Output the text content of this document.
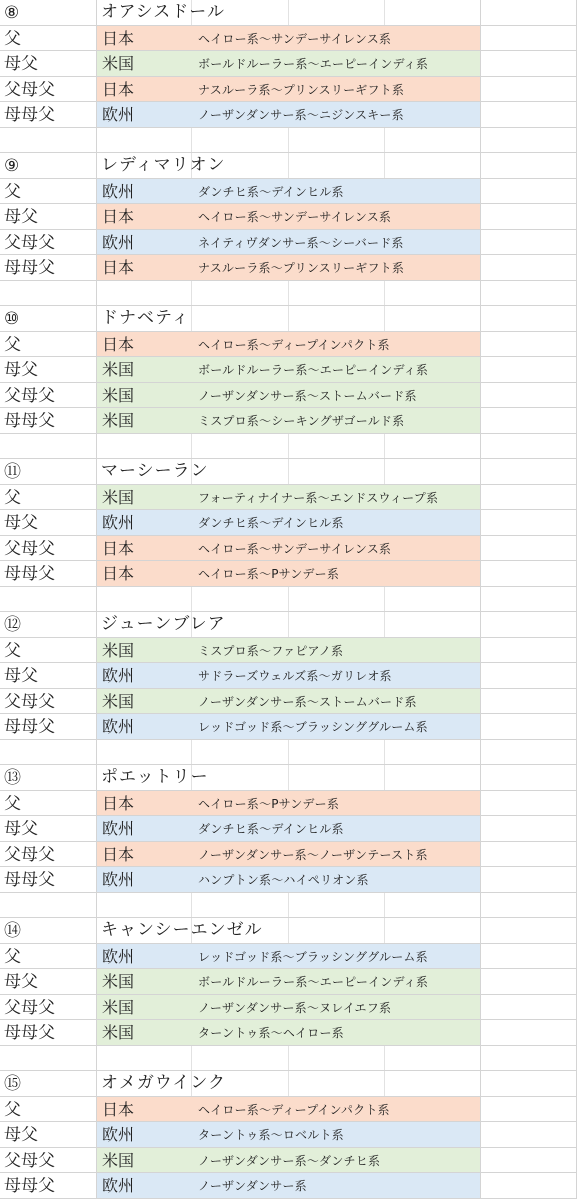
⑧	オアシスドール
父	日本	ヘイロー系〜サンデーサイレンス系
母父	米国	ボールドルーラー系〜エーピーインディ系
父母父	日本	ナスルーラ系〜プリンスリーギフト系
母母父	欧州	ノーザンダンサー系〜ニジンスキー系
⑨	レディマリオン
父	欧州	ダンチヒ系〜デインヒル系
母父	日本	ヘイロー系〜サンデーサイレンス系
父母父	欧州	ネイティヴダンサー系〜シーバード系
母母父	日本	ナスルーラ系〜プリンスリーギフト系
⑩	ドナベティ
父	日本	ヘイロー系〜ディープインパクト系
母父	米国	ボールドルーラー系〜エーピーインディ系
父母父	米国	ノーザンダンサー系〜ストームバード系
母母父	米国	ミスプロ系〜シーキングザゴールド系
⑪	マーシーラン
父	米国	フォーティナイナー系〜エンドスウィープ系
母父	欧州	ダンチヒ系〜デインヒル系
父母父	日本	ヘイロー系〜サンデーサイレンス系
母母父	日本	ヘイロー系〜Pサンデー系
⑫	ジューンブレア
父	米国	ミスプロ系〜ファピアノ系
母父	欧州	サドラーズウェルズ系〜ガリレオ系
父母父	米国	ノーザンダンサー系〜ストームバード系
母母父	欧州	レッドゴッド系〜ブラッシンググルーム系
⑬	ポエットリー
父	日本	ヘイロー系〜Pサンデー系
母父	欧州	ダンチヒ系〜デインヒル系
父母父	日本	ノーザンダンサー系〜ノーザンテースト系
母母父	欧州	ハンプトン系〜ハイペリオン系
⑭	キャンシーエンゼル
父	欧州	レッドゴッド系〜ブラッシンググルーム系
母父	米国	ボールドルーラー系〜エーピーインディ系
父母父	米国	ノーザンダンサー系〜ヌレイエフ系
母母父	米国	ターントゥ系〜ヘイロー系
⑮	オメガウインク
父	日本	ヘイロー系〜ディープインパクト系
母父	欧州	ターントゥ系〜ロベルト系
父母父	米国	ノーザンダンサー系〜ダンチヒ系
母母父	欧州	ノーザンダンサー系
